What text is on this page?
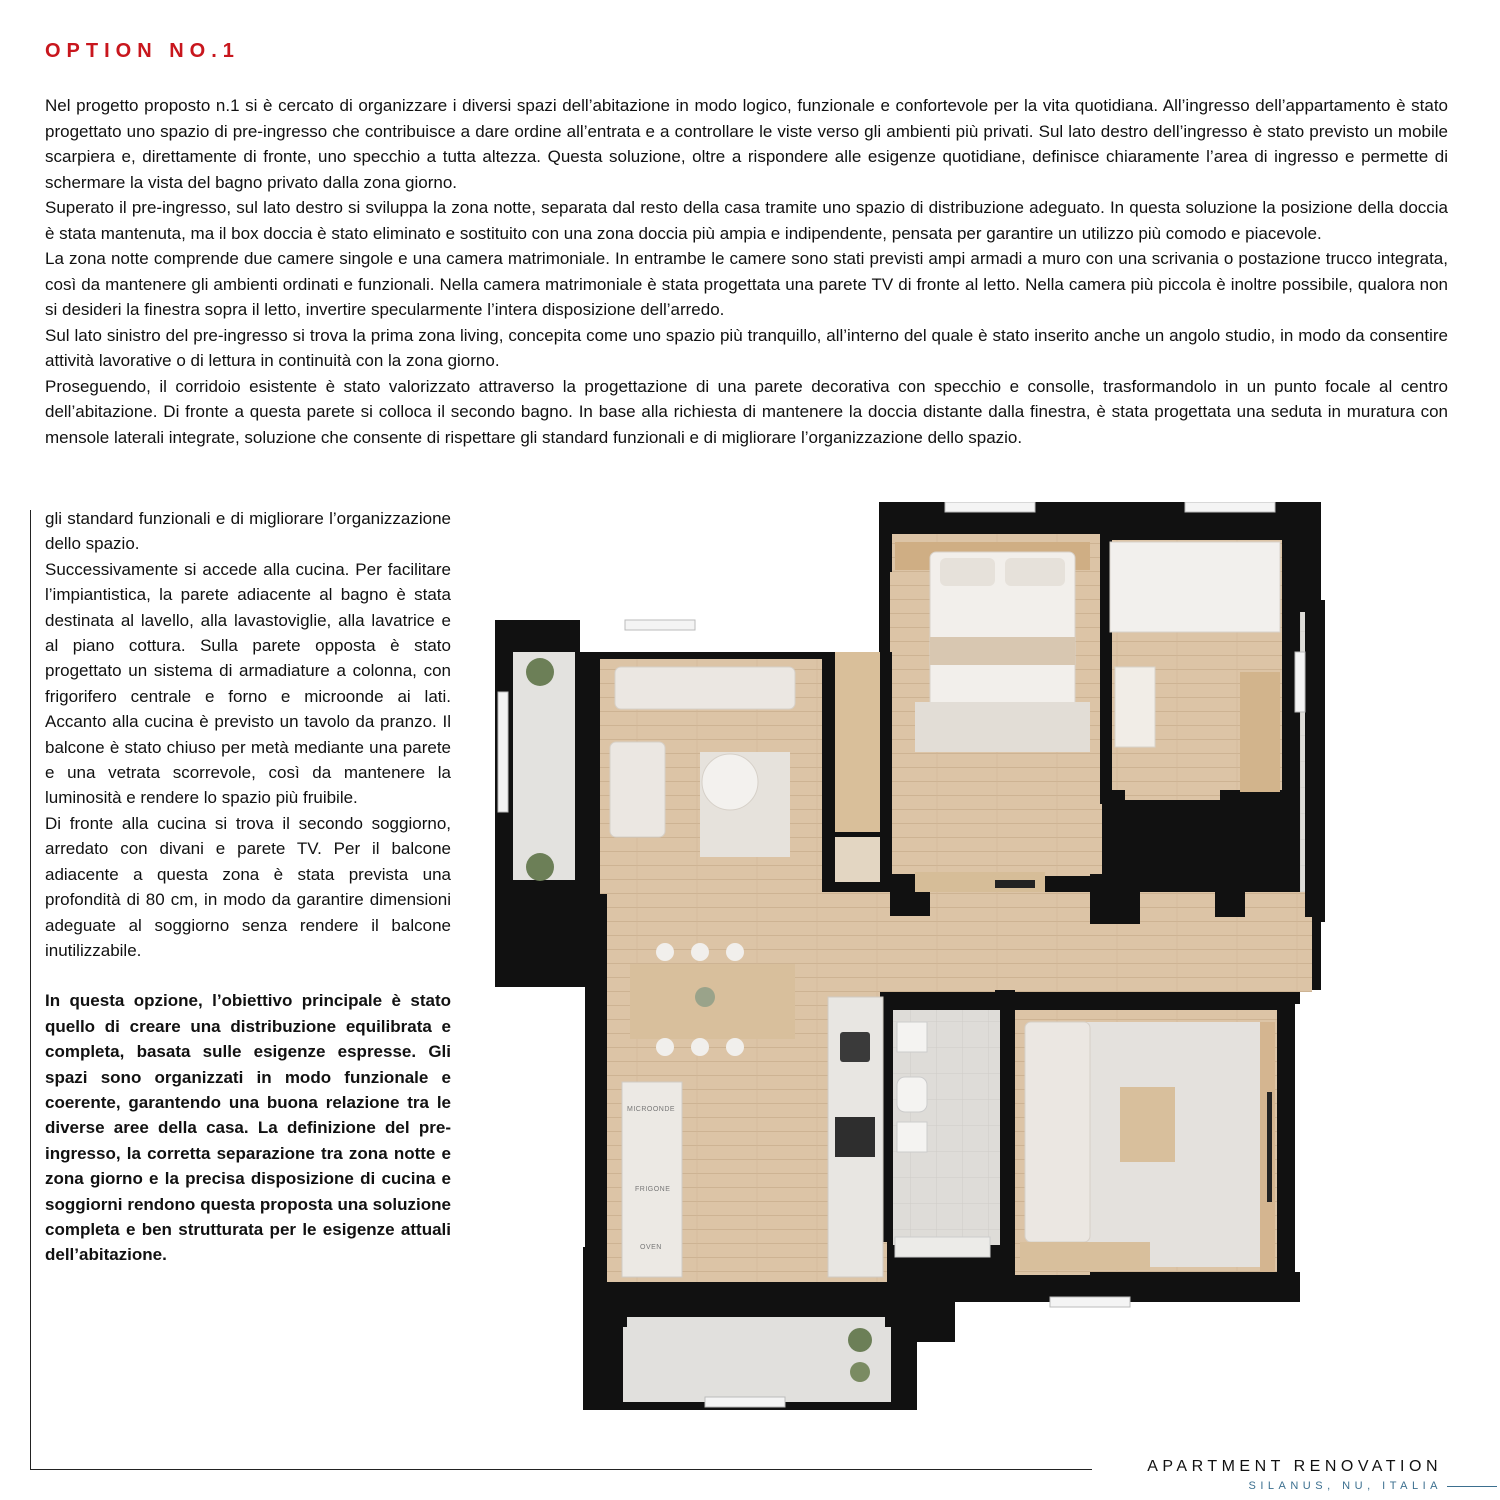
OPTION NO.1

Nel progetto proposto n.1 si è cercato di organizzare i diversi spazi dell’abitazione in modo logico, funzionale e confortevole per la vita quotidiana. All’ingresso dell’appartamento è stato progettato uno spazio di pre-ingresso che contribuisce a dare ordine all’entrata e a controllare le viste verso gli ambienti più privati. Sul lato destro dell’ingresso è stato previsto un mobile scarpiera e, direttamente di fronte, uno specchio a tutta altezza. Questa soluzione, oltre a rispondere alle esigenze quotidiane, definisce chiaramente l’area di ingresso e permette di schermare la vista del bagno privato dalla zona giorno.

Superato il pre-ingresso, sul lato destro si sviluppa la zona notte, separata dal resto della casa tramite uno spazio di distribuzione adeguato. In questa soluzione la posizione della doccia è stata mantenuta, ma il box doccia è stato eliminato e sostituito con una zona doccia più ampia e indipendente, pensata per garantire un utilizzo più comodo e piacevole.

La zona notte comprende due camere singole e una camera matrimoniale. In entrambe le camere sono stati previsti ampi armadi a muro con una scrivania o postazione trucco integrata, così da mantenere gli ambienti ordinati e funzionali. Nella camera matrimoniale è stata progettata una parete TV di fronte al letto. Nella camera più piccola è inoltre possibile, qualora non si desideri la finestra sopra il letto, invertire specularmente l’intera disposizione dell’arredo.

Sul lato sinistro del pre-ingresso si trova la prima zona living, concepita come uno spazio più tranquillo, all’interno del quale è stato inserito anche un angolo studio, in modo da consentire attività lavorative o di lettura in continuità con la zona giorno.

Proseguendo, il corridoio esistente è stato valorizzato attraverso la progettazione di una parete decorativa con specchio e consolle, trasformandolo in un punto focale al centro dell’abitazione. Di fronte a questa parete si colloca il secondo bagno. In base alla richiesta di mantenere la doccia distante dalla finestra, è stata progettata una seduta in muratura con mensole laterali integrate, soluzione che consente di rispettare gli standard funzionali e di migliorare l’organizzazione dello spazio.

gli standard funzionali e di migliorare l’organizzazione dello spazio.

Successivamente si accede alla cucina. Per facilitare l’impiantistica, la parete adiacente al bagno è stata destinata al lavello, alla lavastoviglie, alla lavatrice e al piano cottura. Sulla parete opposta è stato progettato un sistema di armadiature a colonna, con frigorifero centrale e forno e microonde ai lati. Accanto alla cucina è previsto un tavolo da pranzo. Il balcone è stato chiuso per metà mediante una parete e una vetrata scorrevole, così da mantenere la luminosità e rendere lo spazio più fruibile.

Di fronte alla cucina si trova il secondo soggiorno, arredato con divani e parete TV. Per il balcone adiacente a questa zona è stata prevista una profondità di 80 cm, in modo da garantire dimensioni adeguate al soggiorno senza rendere il balcone inutilizzabile.

In questa opzione, l’obiettivo principale è stato quello di creare una distribuzione equilibrata e completa, basata sulle esigenze espresse. Gli spazi sono organizzati in modo funzionale e coerente, garantendo una buona relazione tra le diverse aree della casa. La definizione del pre-ingresso, la corretta separazione tra zona notte e zona giorno e la precisa disposizione di cucina e soggiorni rendono questa proposta una soluzione completa e ben strutturata per le esigenze attuali dell’abitazione.

MICROONDE
FRIGONE
OVEN
APARTMENT RENOVATION
SILANUS, NU, ITALIA
